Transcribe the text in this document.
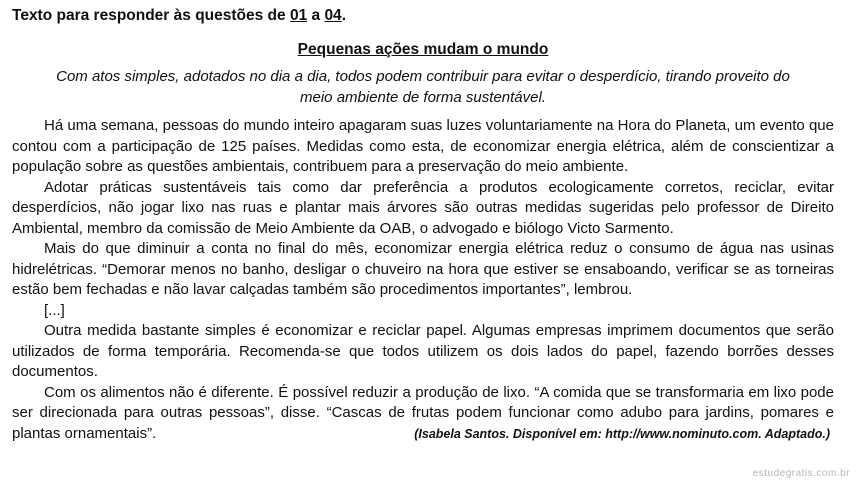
Texto para responder às questões de 01 a 04.

Pequenas ações mudam o mundo
Com atos simples, adotados no dia a dia, todos podem contribuir para evitar o desperdício, tirando proveito do meio ambiente de forma sustentável.

Há uma semana, pessoas do mundo inteiro apagaram suas luzes voluntariamente na Hora do Planeta, um evento que contou com a participação de 125 países. Medidas como esta, de economizar energia elétrica, além de conscientizar a população sobre as questões ambientais, contribuem para a preservação do meio ambiente.

Adotar práticas sustentáveis tais como dar preferência a produtos ecologicamente corretos, reciclar, evitar desperdícios, não jogar lixo nas ruas e plantar mais árvores são outras medidas sugeridas pelo professor de Direito Ambiental, membro da comissão de Meio Ambiente da OAB, o advogado e biólogo Victo Sarmento.

Mais do que diminuir a conta no final do mês, economizar energia elétrica reduz o consumo de água nas usinas hidrelétricas. “Demorar menos no banho, desligar o chuveiro na hora que estiver se ensaboando, verificar se as torneiras estão bem fechadas e não lavar calçadas também são procedimentos importantes”, lembrou.

[...]

Outra medida bastante simples é economizar e reciclar papel. Algumas empresas imprimem documentos que serão utilizados de forma temporária. Recomenda-se que todos utilizem os dois lados do papel, fazendo borrões desses documentos.

Com os alimentos não é diferente. É possível reduzir a produção de lixo. “A comida que se transformaria em lixo pode ser direcionada para outras pessoas”, disse. “Cascas de frutas podem funcionar como adubo para jardins, pomares e plantas ornamentais”.	(Isabela Santos. Disponível em: http://www.nominuto.com. Adaptado.)

estudegratis.com.br
